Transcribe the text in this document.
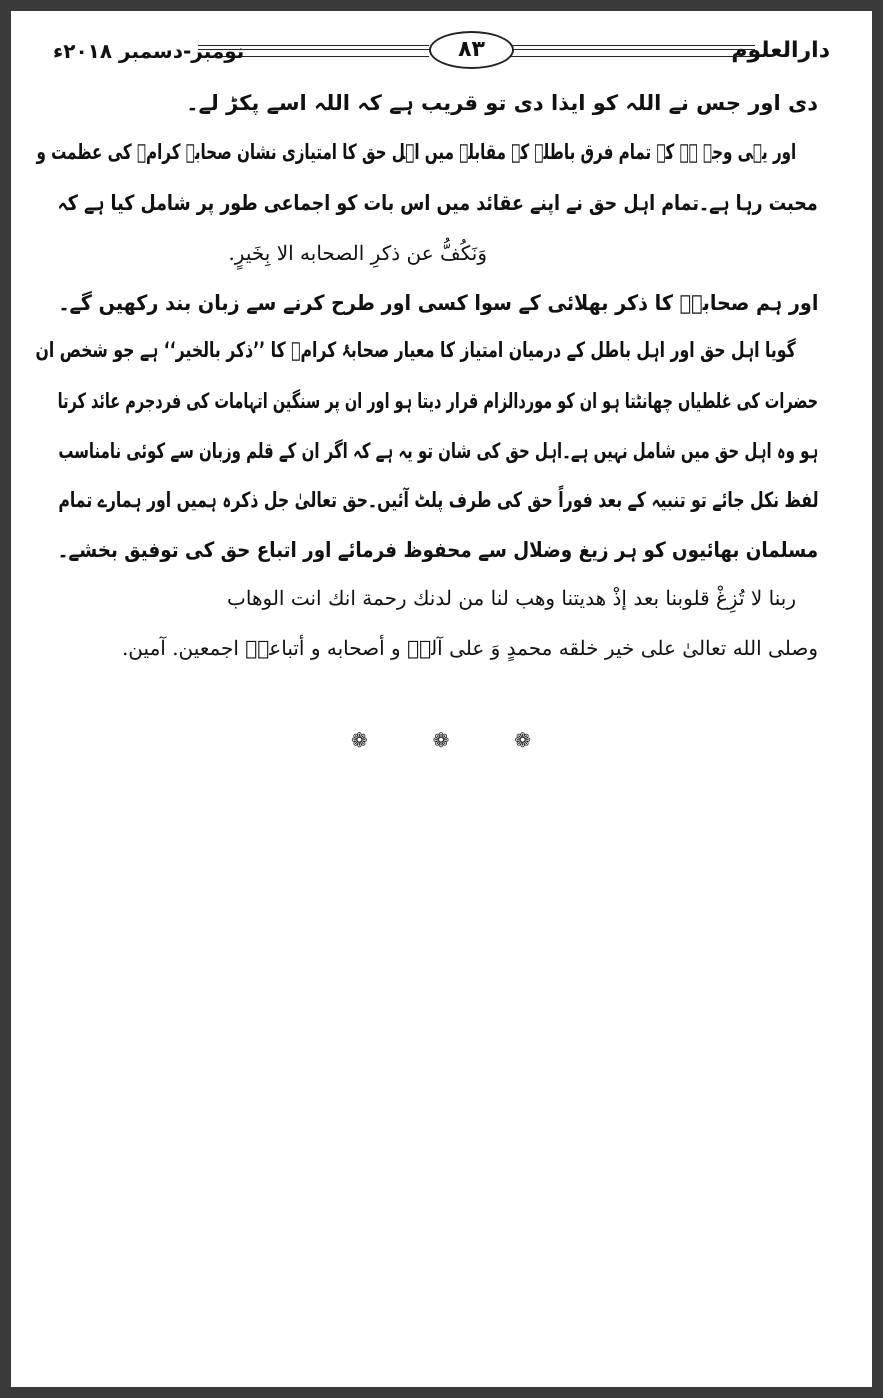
دارالعلوم
۸۳
نومبر-دسمبر ۲۰۱۸ء
دی اور جس نے اللہ کو ایذا دی تو قریب ہے کہ اللہ اسے پکڑ لے۔
اور یہی وجہ ہے کہ تمام فرق باطلہ کے مقابلہ میں اہل حق کا امتیازی نشان صحابۂ کرامؓ کی عظمت و
محبت رہا ہے۔تمام اہل حق نے اپنے عقائد میں اس بات کو اجماعی طور پر شامل کیا ہے کہ
وَنَکُفُّ عن ذکرِ الصحابه الا بِخَیرٍ.
اور ہم صحابہؓ کا ذکر بھلائی کے سوا کسی اور طرح کرنے سے زبان بند رکھیں گے۔
گویا اہل حق اور اہل باطل کے درمیان امتیاز کا معیار صحابۂ کرامؓ کا ’’ذکر بالخیر‘‘ ہے جو شخص ان
حضرات کی غلطیاں چھانٹتا ہو ان کو موردالزام قرار دیتا ہو اور ان پر سنگین اتہامات کی فردجرم عائد کرتا
ہو وہ اہل حق میں شامل نہیں ہے۔اہل حق کی شان تو یہ ہے کہ اگر ان کے قلم وزبان سے کوئی نامناسب
لفظ نکل جائے تو تنبیہ کے بعد فوراً حق کی طرف پلٹ آئیں۔حق تعالیٰ جل ذکرہ ہمیں اور ہمارے تمام
مسلمان بھائیوں کو ہر زیغ وضلال سے محفوظ فرمائے اور اتباع حق کی توفیق بخشے۔
ربنا لا تُزِغْ قلوبنا بعد إذْ هديتنا وهب لنا من لدنك رحمة انك انت الوهاب
وصلى الله تعالىٰ على خير خلقه محمدٍ وَ على آلهٖ و أصحابه و أتباعهٖ اجمعين. آمين.
❁	❁	❁
